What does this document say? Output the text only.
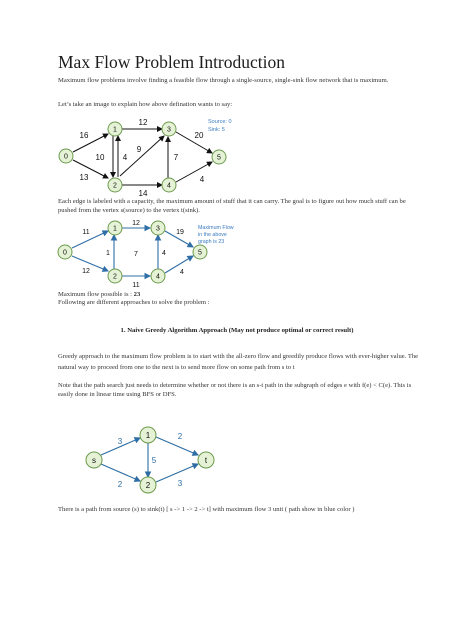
Max Flow Problem Introduction
Maximum flow problems involve finding a feasible flow through a single-source, single-sink flow network that is maximum.
Let’s take an image to explain how above defination wants to say:
0
1
2
3
4
5
16
13
10 4
12
9
14
7
20
4
Source: 0
Sink: 5
Each edge is labeled with a capacity, the maximum amount of stuff that it can carry. The goal is to figure out how much stuff can be pushed from the vertex s(source) to the vertex t(sink).
0
1
2
3
4
5
11
12
12
19
1	7
11
4
4
Maximum Flow
in the above
graph is 23
Maximum flow possible is : 23
Following are different approaches to solve the problem :
1. Naive Greedy Algorithm Approach (May not produce optimal or correct result)
Greedy approach to the maximum flow problem is to start with the all-zero flow and greedily produce flows with ever-higher value. The natural way to proceed from one to the next is to send more flow on some path from s to t
Note that the path search just needs to determine whether or not there is an s-t path in the subgraph of edges e with f(e) < C(e). This is easily done in linear time using BFS or DFS.
s
1
2
t
3
2
5
2
3
There is a path from source (s) to sink(t) [ s -> 1 -> 2 -> t] with maximum flow 3 unit ( path show in blue color )
